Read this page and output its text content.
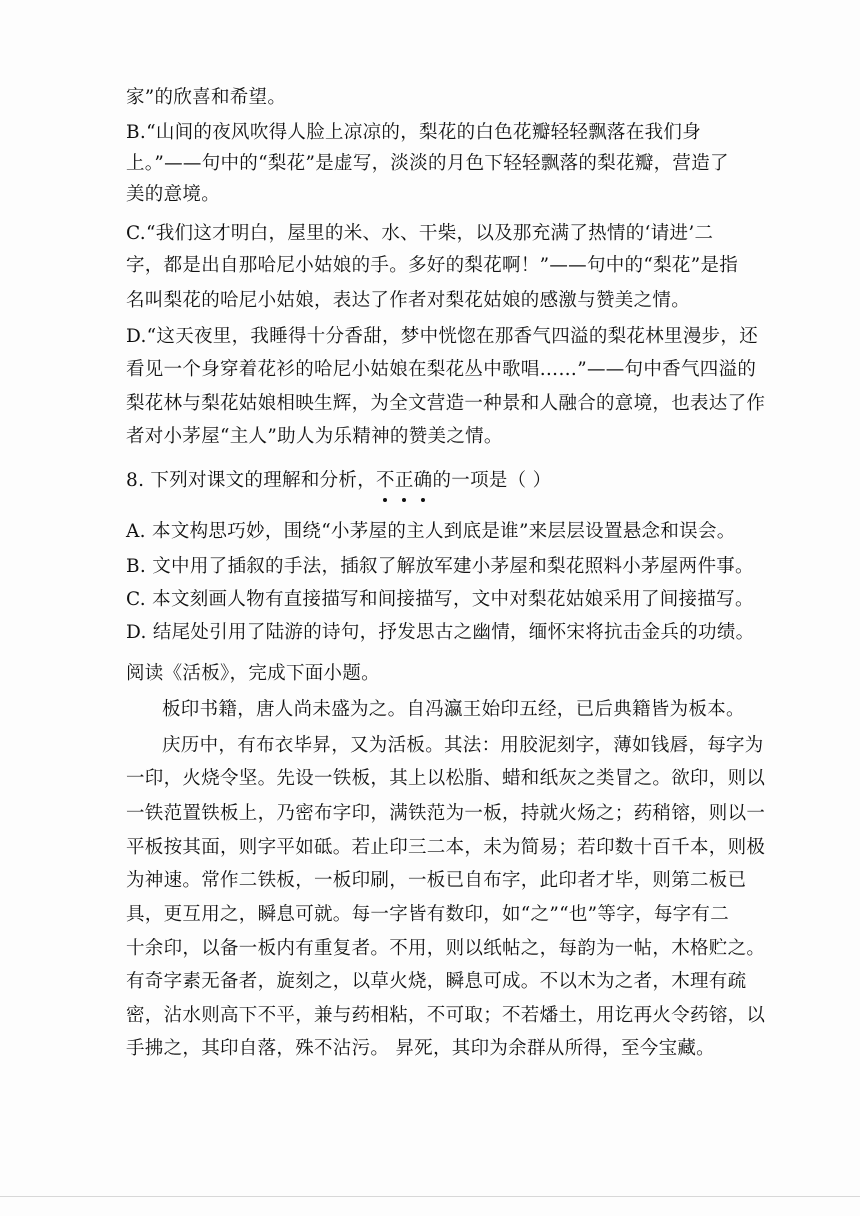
家”的欣喜和希望。
B.“山间的夜风吹得人脸上凉凉的，梨花的白色花瓣轻轻飘落在我们身
上。”——句中的“梨花”是虚写，淡淡的月色下轻轻飘落的梨花瓣，营造了
美的意境。
C.“我们这才明白，屋里的米、水、干柴，以及那充满了热情的‘请进’二
字，都是出自那哈尼小姑娘的手。多好的梨花啊！”——句中的“梨花”是指
名叫梨花的哈尼小姑娘，表达了作者对梨花姑娘的感激与赞美之情。
D.“这天夜里，我睡得十分香甜，梦中恍惚在那香气四溢的梨花林里漫步，还
看见一个身穿着花衫的哈尼小姑娘在梨花丛中歌唱……”——句中香气四溢的
梨花林与梨花姑娘相映生辉，为全文营造一种景和人融合的意境，也表达了作
者对小茅屋“主人”助人为乐精神的赞美之情。
8. 下列对课文的理解和分析，不
正
确
的一项是（ ）
A. 本文构思巧妙，围绕“小茅屋的主人到底是谁”来层层设置悬念和误会。
B. 文中用了插叙的手法，插叙了解放军建小茅屋和梨花照料小茅屋两件事。
C. 本文刻画人物有直接描写和间接描写，文中对梨花姑娘采用了间接描写。
D. 结尾处引用了陆游的诗句，抒发思古之幽情，缅怀宋将抗击金兵的功绩。
阅读《活板》，完成下面小题。
板印书籍，唐人尚未盛为之。自冯瀛王始印五经，已后典籍皆为板本。
庆历中，有布衣毕昇，又为活板。其法：用胶泥刻字，薄如钱唇，每字为
一印，火烧令坚。先设一铁板，其上以松脂、蜡和纸灰之类冒之。欲印，则以
一铁范置铁板上，乃密布字印，满铁范为一板，持就火炀之；药稍镕，则以一
平板按其面，则字平如砥。若止印三二本，未为简易；若印数十百千本，则极
为神速。常作二铁板，一板印刷，一板已自布字，此印者才毕，则第二板已
具，更互用之，瞬息可就。每一字皆有数印，如“之”“也”等字，每字有二
十余印，以备一板内有重复者。不用，则以纸帖之，每韵为一帖，木格贮之。
有奇字素无备者，旋刻之，以草火烧，瞬息可成。不以木为之者，木理有疏
密，沾水则高下不平，兼与药相粘，不可取；不若燔土，用讫再火令药镕，以
手拂之，其印自落，殊不沾污。 昇死，其印为余群从所得，至今宝藏。
